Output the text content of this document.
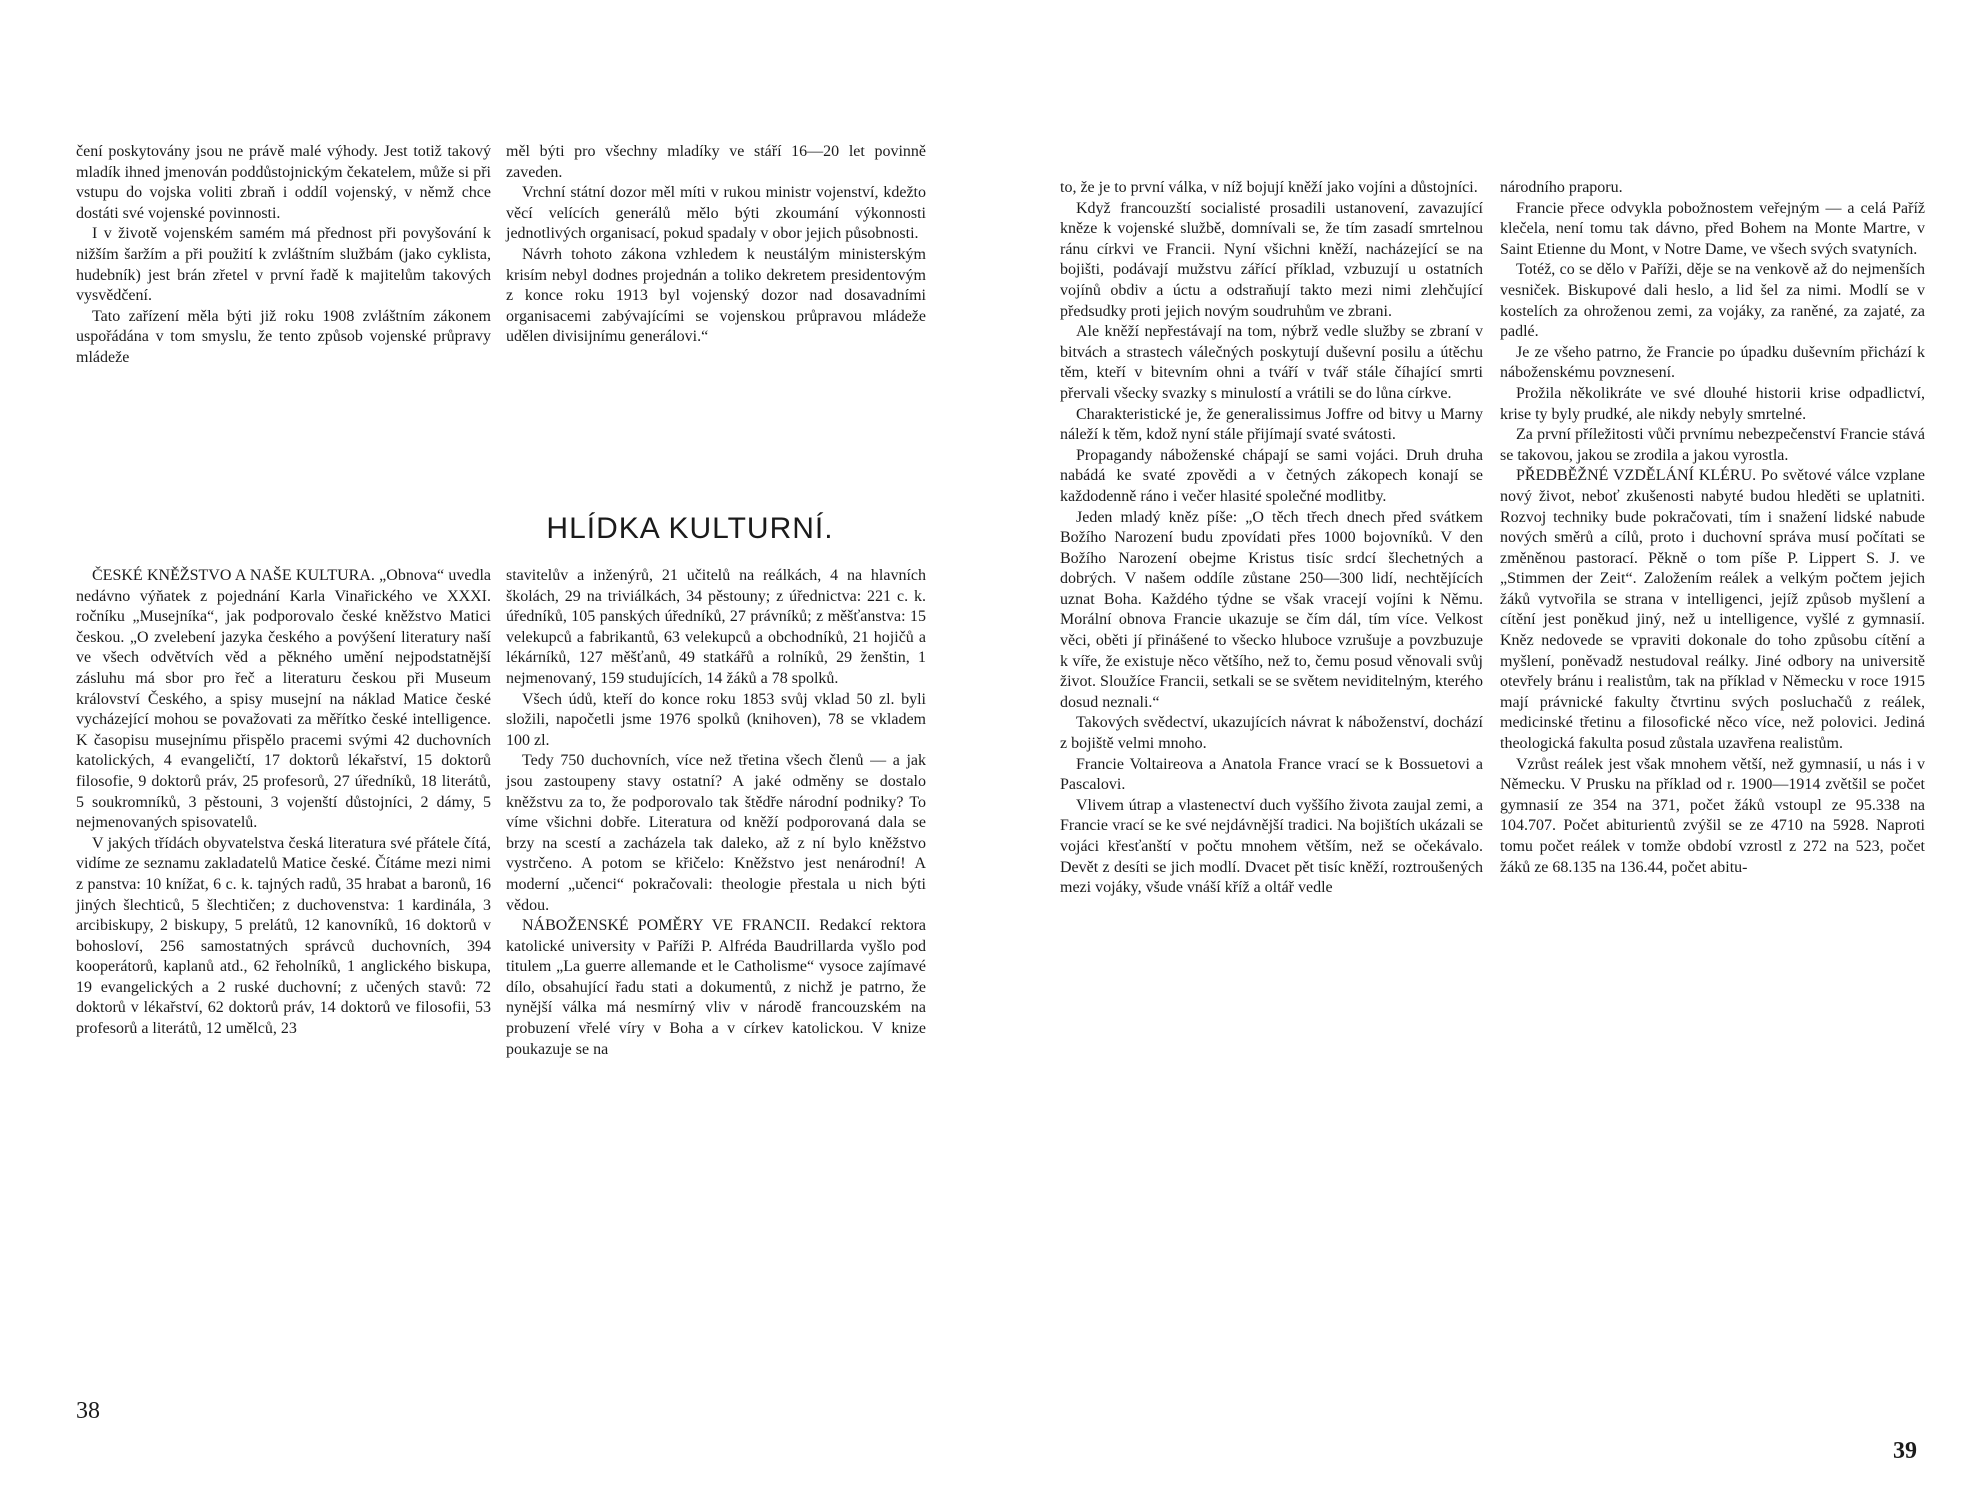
čení poskytovány jsou ne právě malé výhody. Jest totiž takový mladík ihned jmenován poddůstojnickým čekatelem, může si při vstupu do vojska voliti zbraň i oddíl vojenský, v němž chce dostáti své vojenské povinnosti.

I v životě vojenském samém má přednost při povyšování k nižším šaržím a při použití k zvláštním službám (jako cyklista, hudebník) jest brán zřetel v první řadě k majitelům takových vysvědčení.

Tato zařízení měla býti již roku 1908 zvláštním zákonem uspořádána v tom smyslu, že tento způsob vojenské průpravy mládeže

měl býti pro všechny mladíky ve stáří 16—20 let povinně zaveden.

Vrchní státní dozor měl míti v rukou ministr vojenství, kdežto věcí velících generálů mělo býti zkoumání výkonnosti jednotlivých organisací, pokud spadaly v obor jejich působnosti.

Návrh tohoto zákona vzhledem k neustálým ministerským krisím nebyl dodnes projednán a toliko dekretem presidentovým z konce roku 1913 byl vojenský dozor nad dosavadními organisacemi zabývajícími se vojenskou průpravou mládeže udělen divisijnímu generálovi.“

HLÍDKA KULTURNÍ.

ČESKÉ KNĚŽSTVO A NAŠE KULTURA. „Obnova“ uvedla nedávno výňatek z pojednání Karla Vinařického ve XXXI. ročníku „Musejníka“, jak podporovalo české kněžstvo Matici českou. „O zvelebení jazyka českého a povýšení literatury naší ve všech odvětvích věd a pěkného umění nejpodstatnější zásluhu má sbor pro řeč a literaturu českou při Museum království Českého, a spisy musejní na náklad Matice české vycházející mohou se považovati za měřítko české intelligence. K časopisu musejnímu přispělo pracemi svými 42 duchovních katolických, 4 evangeličtí, 17 doktorů lékařství, 15 doktorů filosofie, 9 doktorů práv, 25 profesorů, 27 úředníků, 18 literátů, 5 soukromníků, 3 pěstouni, 3 vojenští důstojníci, 2 dámy, 5 nejmenovaných spisovatelů.

V jakých třídách obyvatelstva česká literatura své přátele čítá, vidíme ze seznamu zakladatelů Matice české. Čítáme mezi nimi z panstva: 10 knížat, 6 c. k. tajných radů, 35 hrabat a baronů, 16 jiných šlechticů, 5 šlechtičen; z duchovenstva: 1 kardinála, 3 arcibiskupy, 2 biskupy, 5 prelátů, 12 kanovníků, 16 doktorů v bohosloví, 256 samostatných správců duchovních, 394 kooperátorů, kaplanů atd., 62 řeholníků, 1 anglického biskupa, 19 evangelických a 2 ruské duchovní; z učených stavů: 72 doktorů v lékařství, 62 doktorů práv, 14 doktorů ve filosofii, 53 profesorů a literátů, 12 umělců, 23

stavitelův a inženýrů, 21 učitelů na reálkách, 4 na hlavních školách, 29 na triviálkách, 34 pěstouny; z úřednictva: 221 c. k. úředníků, 105 panských úředníků, 27 právníků; z měšťanstva: 15 velekupců a fabrikantů, 63 velekupců a obchodníků, 21 hojičů a lékárníků, 127 měšťanů, 49 statkářů a rolníků, 29 ženštin, 1 nejmenovaný, 159 studujících, 14 žáků a 78 spolků.

Všech údů, kteří do konce roku 1853 svůj vklad 50 zl. byli složili, napočetli jsme 1976 spolků (knihoven), 78 se vkladem 100 zl.

Tedy 750 duchovních, více než třetina všech členů — a jak jsou zastoupeny stavy ostatní? A jaké odměny se dostalo kněžstvu za to, že podporovalo tak štědře národní podniky? To víme všichni dobře. Literatura od kněží podporovaná dala se brzy na scestí a zacházela tak daleko, až z ní bylo kněžstvo vystrčeno. A potom se křičelo: Kněžstvo jest nenárodní! A moderní „učenci“ pokračovali: theologie přestala u nich býti vědou.

NÁBOŽENSKÉ POMĚRY VE FRANCII. Redakcí rektora katolické university v Paříži P. Alfréda Baudrillarda vyšlo pod titulem „La guerre allemande et le Catholisme“ vysoce zajímavé dílo, obsahující řadu stati a dokumentů, z nichž je patrno, že nynější válka má nesmírný vliv v národě francouzském na probuzení vřelé víry v Boha a v církev katolickou. V knize poukazuje se na

38

to, že je to první válka, v níž bojují kněží jako vojíni a důstojníci.

Když francouzští socialisté prosadili ustanovení, zavazující kněze k vojenské službě, domnívali se, že tím zasadí smrtelnou ránu církvi ve Francii. Nyní všichni kněží, nacházející se na bojišti, podávají mužstvu zářící příklad, vzbuzují u ostatních vojínů obdiv a úctu a odstraňují takto mezi nimi zlehčující předsudky proti jejich novým soudruhům ve zbrani.

Ale kněží nepřestávají na tom, nýbrž vedle služby se zbraní v bitvách a strastech válečných poskytují duševní posilu a útěchu těm, kteří v bitevním ohni a tváří v tvář stále číhající smrti přervali všecky svazky s minulostí a vrátili se do lůna církve.

Charakteristické je, že generalissimus Joffre od bitvy u Marny náleží k těm, kdož nyní stále přijímají svaté svátosti.

Propagandy náboženské chápají se sami vojáci. Druh druha nabádá ke svaté zpovědi a v četných zákopech konají se každodenně ráno i večer hlasité společné modlitby.

Jeden mladý kněz píše: „O těch třech dnech před svátkem Božího Narození budu zpovídati přes 1000 bojovníků. V den Božího Narození obejme Kristus tisíc srdcí šlechetných a dobrých. V našem oddíle zůstane 250—300 lidí, nechtějících uznat Boha. Každého týdne se však vracejí vojíni k Němu. Morální obnova Francie ukazuje se čím dál, tím více. Velkost věci, oběti jí přinášené to všecko hluboce vzrušuje a povzbuzuje k víře, že existuje něco většího, než to, čemu posud věnovali svůj život. Sloužíce Francii, setkali se se světem neviditelným, kterého dosud neznali.“

Takových svědectví, ukazujících návrat k náboženství, dochází z bojiště velmi mnoho.

Francie Voltaireova a Anatola France vrací se k Bossuetovi a Pascalovi.

Vlivem útrap a vlastenectví duch vyššího života zaujal zemi, a Francie vrací se ke své nejdávnější tradici. Na bojištích ukázali se vojáci křesťanští v počtu mnohem větším, než se očekávalo. Devět z desíti se jich modlí. Dvacet pět tisíc kněží, roztroušených mezi vojáky, všude vnáší kříž a oltář vedle

národního praporu.

Francie přece odvykla pobožnostem veřejným — a celá Paříž klečela, není tomu tak dávno, před Bohem na Monte Martre, v Saint Etienne du Mont, v Notre Dame, ve všech svých svatyních.

Totéž, co se dělo v Paříži, děje se na venkově až do nejmenších vesniček. Biskupové dali heslo, a lid šel za nimi. Modlí se v kostelích za ohroženou zemi, za vojáky, za raněné, za zajaté, za padlé.

Je ze všeho patrno, že Francie po úpadku duševním přichází k náboženskému povznesení.

Prožila několikráte ve své dlouhé historii krise odpadlictví, krise ty byly prudké, ale nikdy nebyly smrtelné.

Za první příležitosti vůči prvnímu nebezpečenství Francie stává se takovou, jakou se zrodila a jakou vyrostla.

PŘEDBĚŽNÉ VZDĚLÁNÍ KLÉRU. Po světové válce vzplane nový život, neboť zkušenosti nabyté budou hleděti se uplatniti. Rozvoj techniky bude pokračovati, tím i snažení lidské nabude nových směrů a cílů, proto i duchovní správa musí počítati se změněnou pastorací. Pěkně o tom píše P. Lippert S. J. ve „Stimmen der Zeit“. Založením reálek a velkým počtem jejich žáků vytvořila se strana v intelligenci, jejíž způsob myšlení a cítění jest poněkud jiný, než u intelligence, vyšlé z gymnasií. Kněz nedovede se vpraviti dokonale do toho způsobu cítění a myšlení, poněvadž nestudoval reálky. Jiné odbory na universitě otevřely bránu i realistům, tak na příklad v Německu v roce 1915 mají právnické fakulty čtvrtinu svých posluchačů z reálek, medicinské třetinu a filosofické něco více, než polovici. Jediná theologická fakulta posud zůstala uzavřena realistům.

Vzrůst reálek jest však mnohem větší, než gymnasií, u nás i v Německu. V Prusku na příklad od r. 1900—1914 zvětšil se počet gymnasií ze 354 na 371, počet žáků vstoupl ze 95.338 na 104.707. Počet abiturientů zvýšil se ze 4710 na 5928. Naproti tomu počet reálek v tomže období vzrostl z 272 na 523, počet žáků ze 68.135 na 136.44, počet abitu-

39
